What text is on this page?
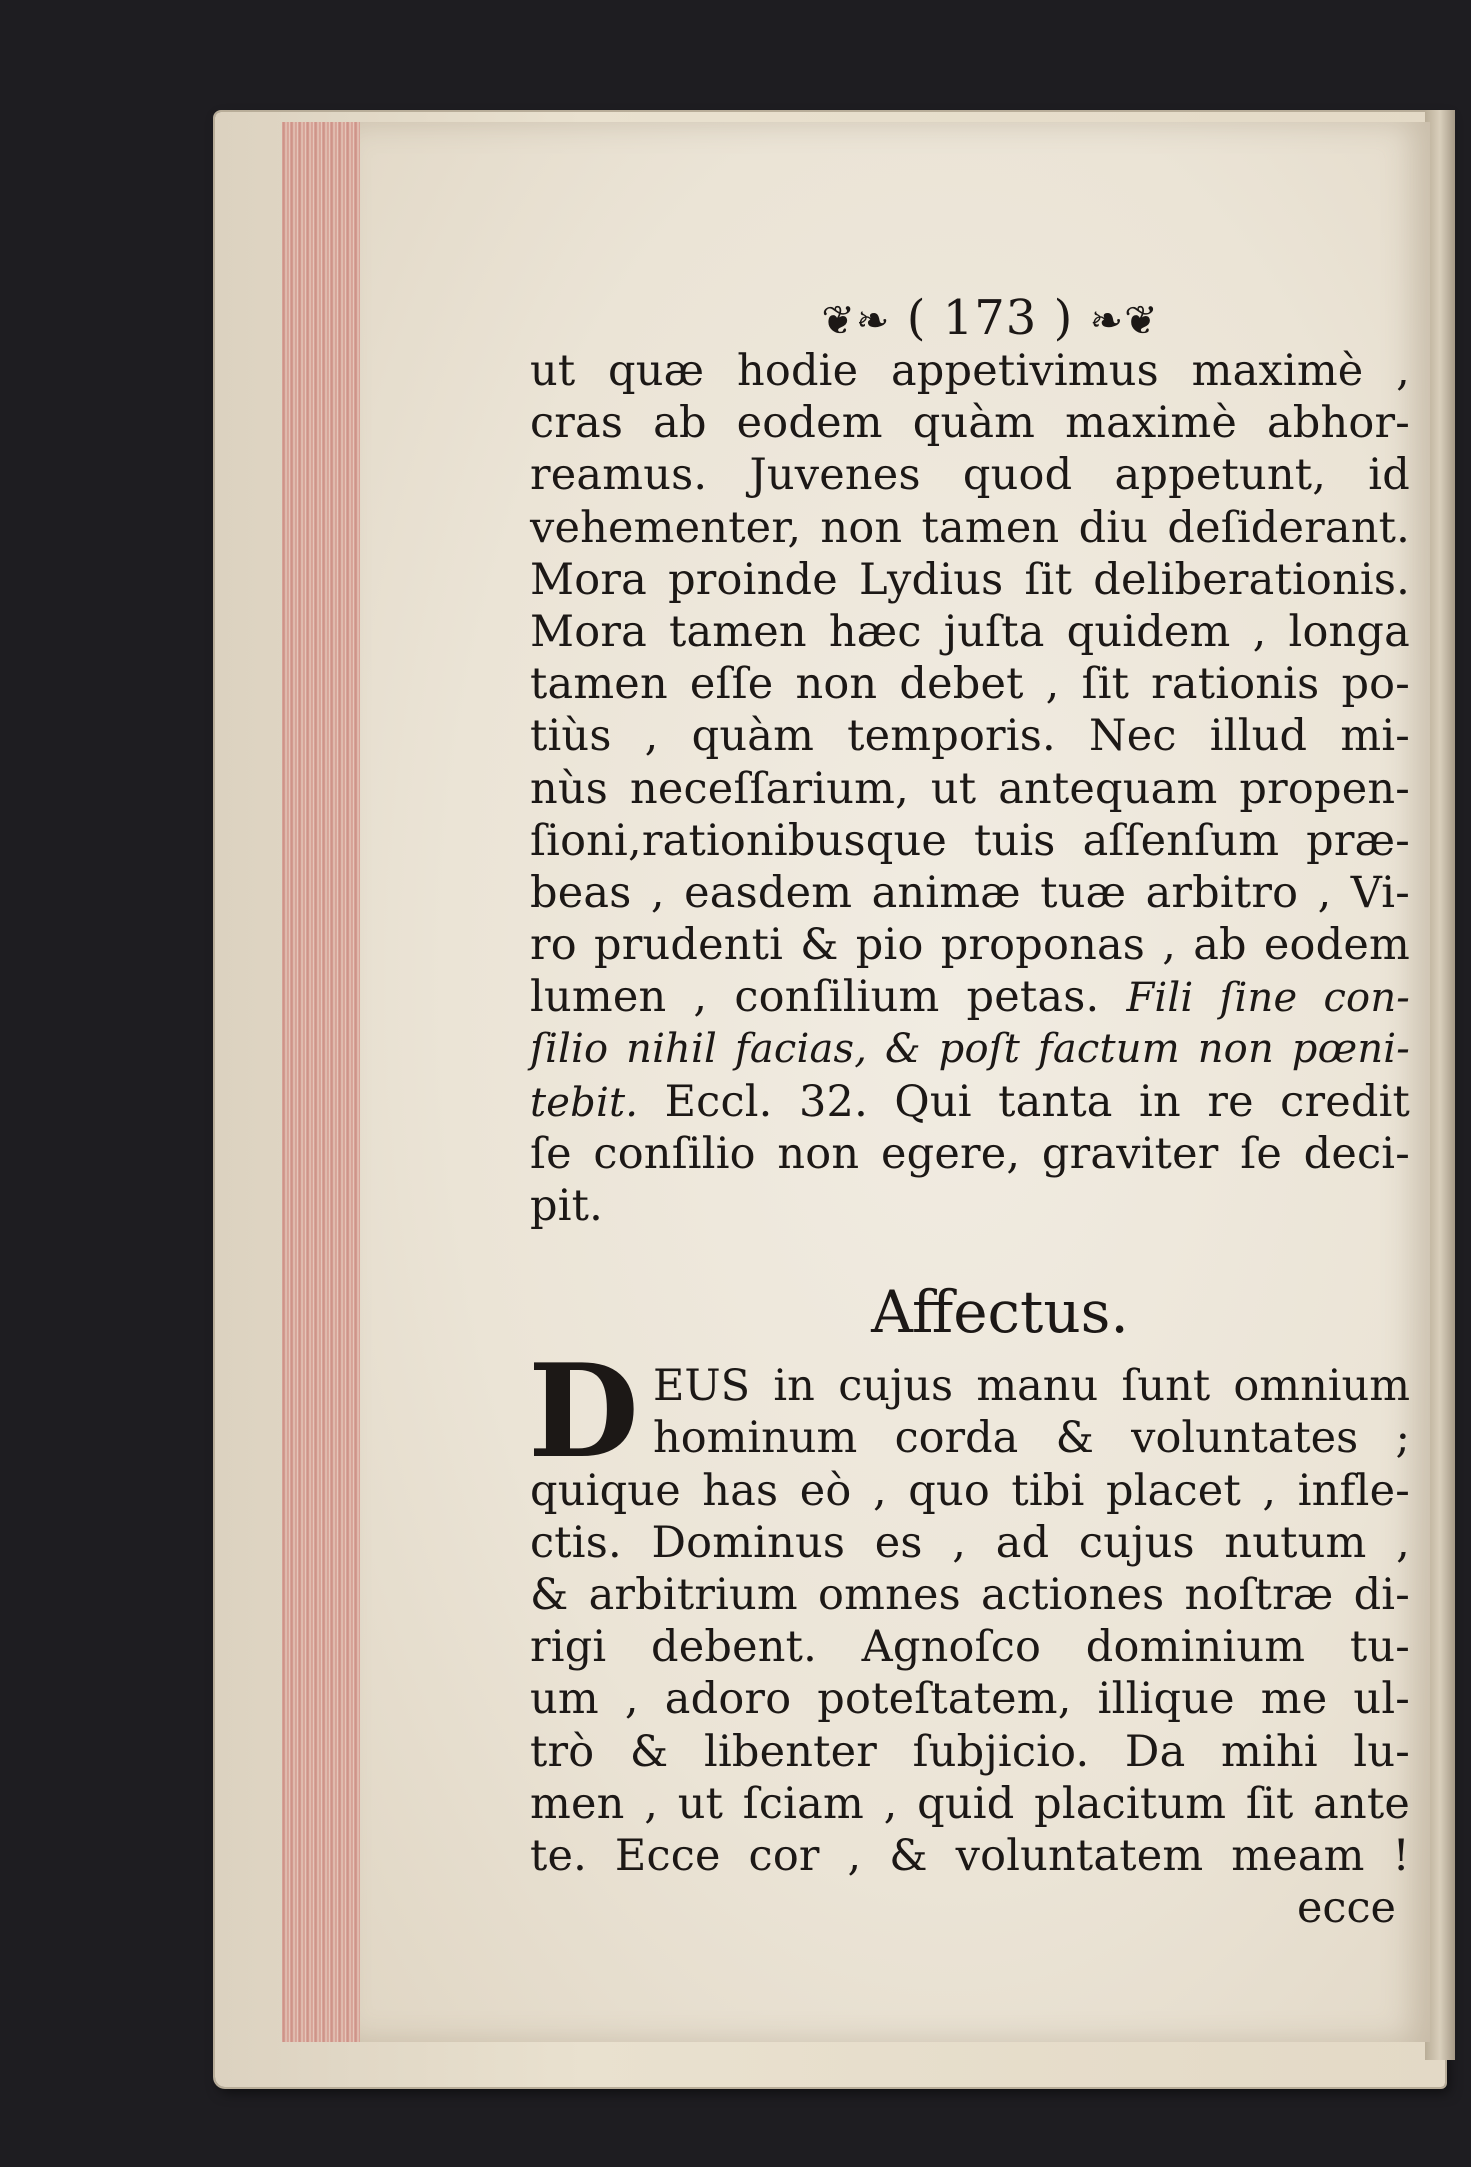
❦❧ ( 173 ) ❧❦
ut quæ hodie appetivimus maximè ,
cras ab eodem quàm maximè abhor-
reamus. Juvenes quod appetunt, id
vehementer, non tamen diu deſiderant.
Mora proinde Lydius ſit deliberationis.
Mora tamen hæc juſta quidem , longa
tamen eſſe non debet , ſit rationis po-
tiùs , quàm temporis. Nec illud mi-
nùs neceſſarium, ut antequam propen-
ſioni,rationibusque tuis aſſenſum præ-
beas , easdem animæ tuæ arbitro , Vi-
ro prudenti & pio proponas , ab eodem
lumen , conſilium petas. Fili ſine con-
ſilio nihil facias, & poſt factum non pœni-
tebit. Eccl. 32. Qui tanta in re credit
ſe conſilio non egere, graviter ſe deci-
pit.
Affectus.
D EUS in cujus manu ſunt omnium
hominum corda & voluntates ;
quique has eò , quo tibi placet , infle-
ctis. Dominus es , ad cujus nutum ,
& arbitrium omnes actiones noſtræ di-
rigi debent. Agnoſco dominium tu-
um , adoro poteſtatem, illique me ul-
trò & libenter ſubjicio. Da mihi lu-
men , ut ſciam , quid placitum ſit ante
te. Ecce cor , & voluntatem meam !
ecce
